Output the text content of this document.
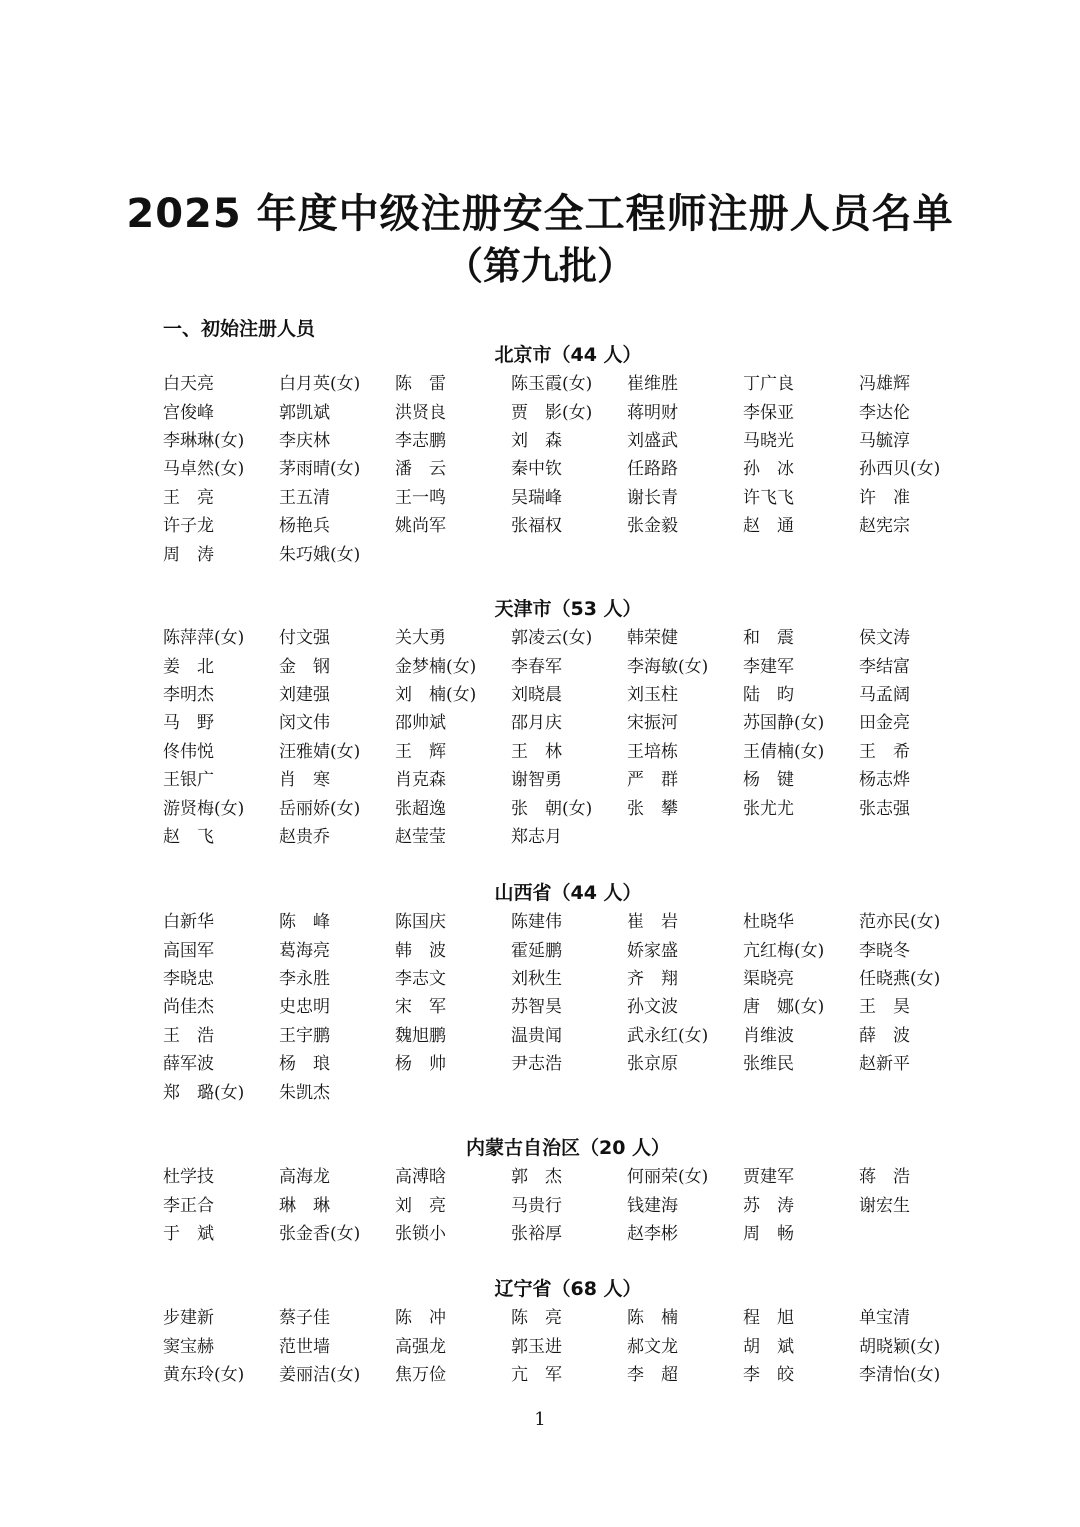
2025 年度中级注册安全工程师注册人员名单
（第九批）
一、初始注册人员
北京市（44 人）
白天亮	白月英(女)	陈　雷	陈玉霞(女)	崔维胜	丁广良	冯雄辉
宫俊峰	郭凯斌	洪贤良	贾　影(女)	蒋明财	李保亚	李达伦
李琳琳(女)	李庆林	李志鹏	刘　森	刘盛武	马晓光	马毓淳
马卓然(女)	茅雨晴(女)	潘　云	秦中钦	任路路	孙　冰	孙西贝(女)
王　亮	王五清	王一鸣	吴瑞峰	谢长青	许飞飞	许　准
许子龙	杨艳兵	姚尚军	张福权	张金毅	赵　通	赵宪宗
周　涛	朱巧娥(女)
天津市（53 人）
陈萍萍(女)	付文强	关大勇	郭凌云(女)	韩荣健	和　震	侯文涛
姜　北	金　钢	金梦楠(女)	李春军	李海敏(女)	李建军	李结富
李明杰	刘建强	刘　楠(女)	刘晓晨	刘玉柱	陆　昀	马孟阔
马　野	闵文伟	邵帅斌	邵月庆	宋振河	苏国静(女)	田金亮
佟伟悦	汪雅婧(女)	王　辉	王　林	王培栋	王倩楠(女)	王　希
王银广	肖　寒	肖克森	谢智勇	严　群	杨　键	杨志烨
游贤梅(女)	岳丽娇(女)	张超逸	张　朝(女)	张　攀	张尤尤	张志强
赵　飞	赵贵乔	赵莹莹	郑志月
山西省（44 人）
白新华	陈　峰	陈国庆	陈建伟	崔　岩	杜晓华	范亦民(女)
高国军	葛海亮	韩　波	霍延鹏	娇家盛	亢红梅(女)	李晓冬
李晓忠	李永胜	李志文	刘秋生	齐　翔	渠晓亮	任晓燕(女)
尚佳杰	史忠明	宋　军	苏智昊	孙文波	唐　娜(女)	王　昊
王　浩	王宇鹏	魏旭鹏	温贵闻	武永红(女)	肖维波	薛　波
薛军波	杨　琅	杨　帅	尹志浩	张京原	张维民	赵新平
郑　璐(女)	朱凯杰
内蒙古自治区（20 人）
杜学技	高海龙	高溥晗	郭　杰	何丽荣(女)	贾建军	蒋　浩
李正合	琳　琳	刘　亮	马贵行	钱建海	苏　涛	谢宏生
于　斌	张金香(女)	张锁小	张裕厚	赵李彬	周　畅
辽宁省（68 人）
步建新	蔡子佳	陈　冲	陈　亮	陈　楠	程　旭	单宝清
窦宝赫	范世墙	高强龙	郭玉进	郝文龙	胡　斌	胡晓颖(女)
黄东玲(女)	姜丽洁(女)	焦万俭	亢　军	李　超	李　皎	李清怡(女)
1
